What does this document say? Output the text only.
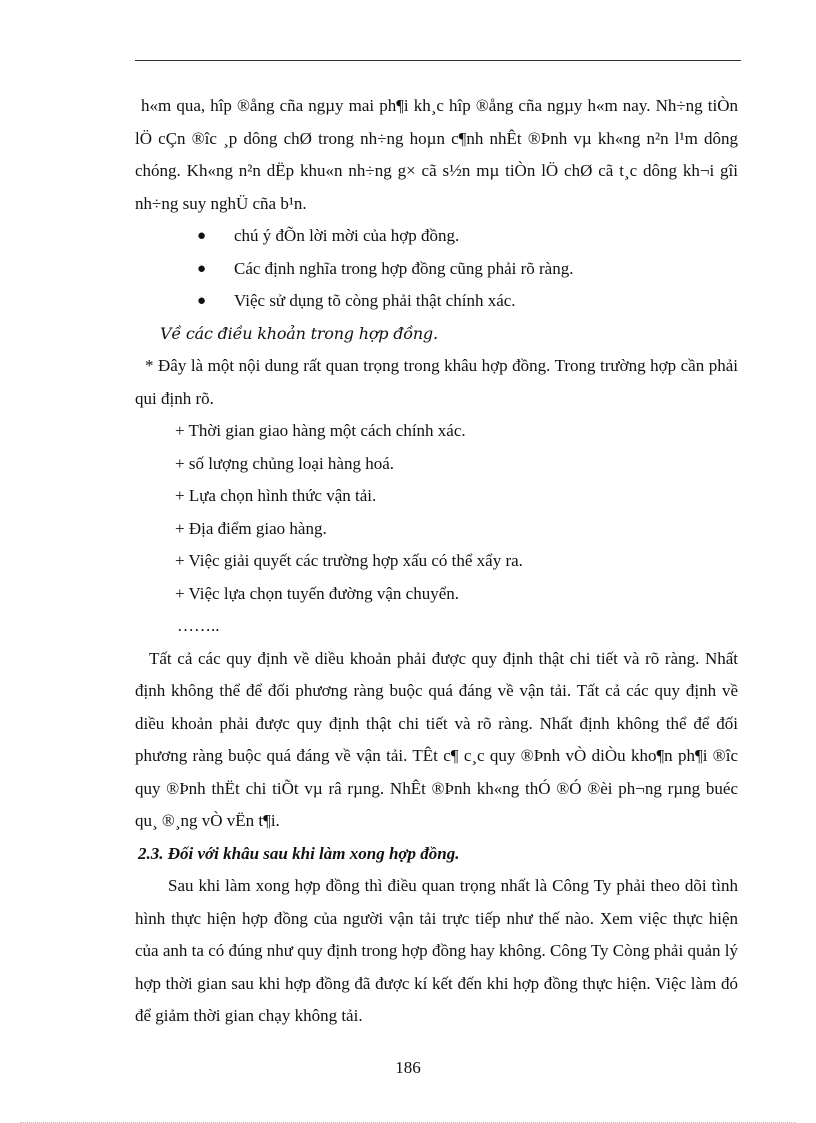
h«m qua, hîp ®ång cña ngµy mai ph¶i kh¸c hîp ®ång cña ngµy h«m nay. Nh÷ng tiÒn lÖ cÇn ®îc ¸p dông chØ trong nh÷ng hoµn c¶nh nhÊt ®Þnh vµ kh«ng n²n l¹m dông chóng. Kh«ng n²n dËp khu«n nh÷ng g× cã s½n mµ tiÒn lÖ chØ cã t¸c dông kh¬i gîi nh÷ng suy nghÜ cña b¹n.

● chú ý đÕn lời mời của hợp đồng.
● Các định nghĩa trong hợp đồng cũng phải rõ ràng.
● Việc sử dụng tõ còng phải thật chính xác.

Về các điều khoản trong hợp đồng.

* Đây là một nội dung rất quan trọng trong khâu hợp đồng. Trong trường hợp cần phải qui định rõ.

+ Thời gian giao hàng một cách chính xác.
+ số lượng chủng loại hàng hoá.
+ Lựa chọn hình thức vận tải.
+ Địa điểm giao hàng.
+ Việc giải quyết các trường hợp xấu có thể xẩy ra.
+ Việc lựa chọn tuyến đường vận chuyển.
……..

Tất cả các quy định về diều khoản phải được quy định thật chi tiết và rõ ràng. Nhất định không thể để đối phương ràng buộc quá đáng về vận tải. Tất cả các quy định về diều khoản phải được quy định thật chi tiết và rõ ràng. Nhất định không thể để đối phương ràng buộc quá đáng về vận tải. TÊt c¶ c¸c quy ®Þnh vÒ diÒu kho¶n ph¶i ®îc quy ®Þnh thËt chi tiÕt vµ râ rµng. NhÊt ®Þnh kh«ng thÓ ®Ó ®èi ph¬ng rµng buéc qu¸ ®¸ng vÒ vËn t¶i.

2.3. Đối với khâu sau khi làm xong hợp đồng.

Sau khi làm xong hợp đồng thì điều quan trọng nhất là Công Ty phải theo dõi tình hình thực hiện hợp đồng của người vận tải trực tiếp như thế nào. Xem việc thực hiện của anh ta có đúng như quy định trong hợp đồng hay không. Công Ty Còng phải quản lý hợp thời gian sau khi hợp đồng đã được kí kết đến khi hợp đồng thực hiện. Việc làm đó để giảm thời gian chạy không tải.

186
